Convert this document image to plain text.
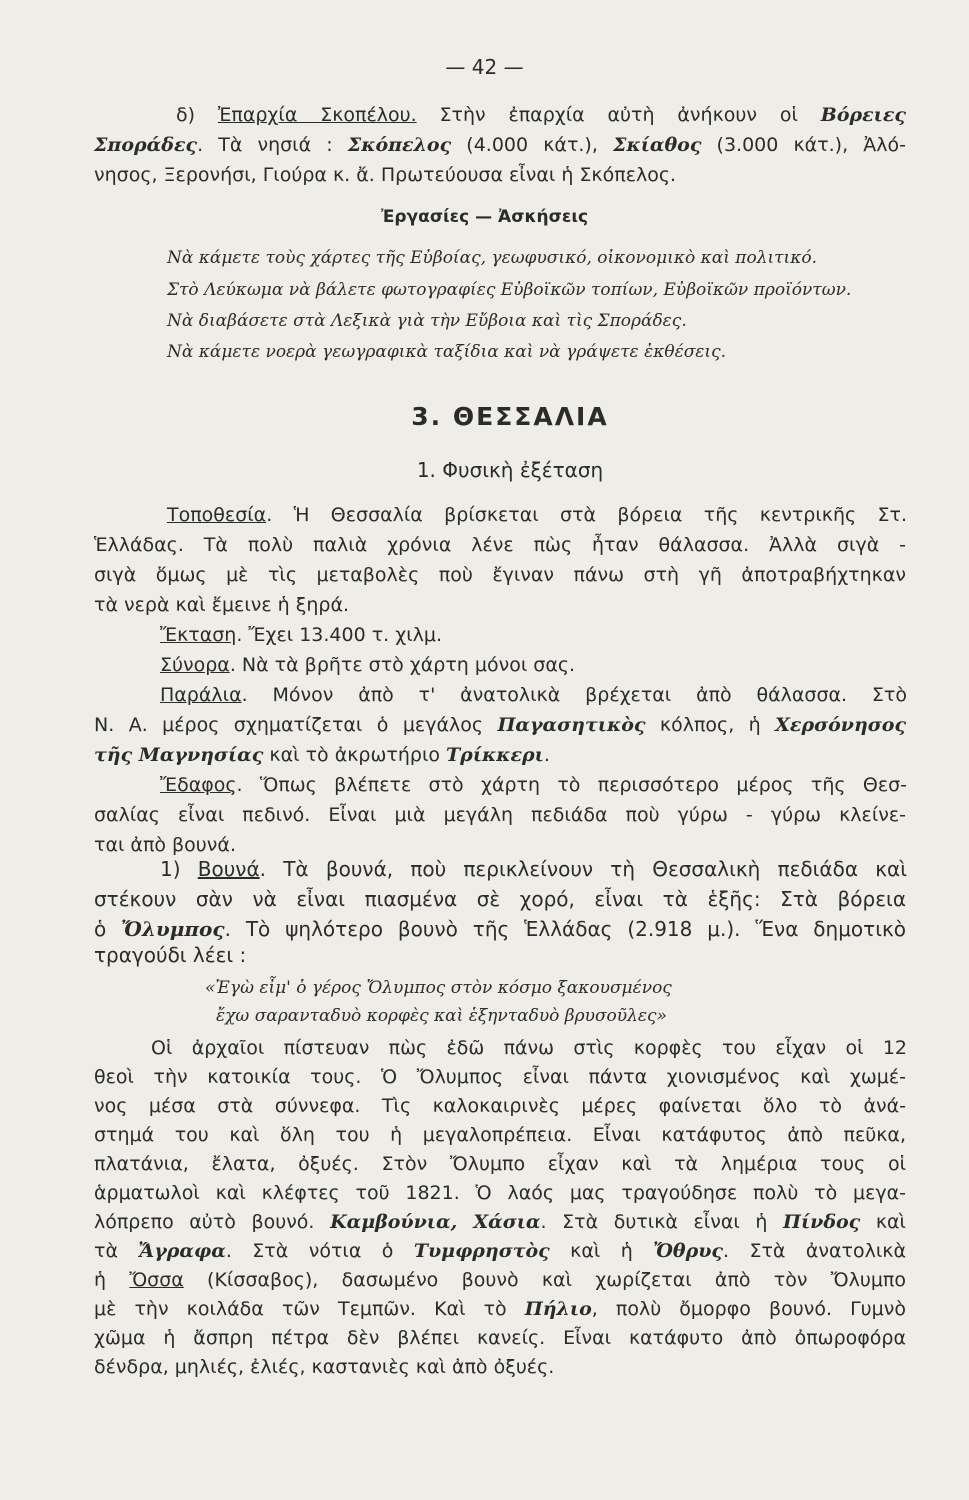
— 42 —
δ) Ἐπαρχία Σκοπέλου. Στὴν ἐπαρχία αὐτὴ ἀνήκουν οἱ Βόρειες
Σποράδες. Τὰ νησιά : Σκόπελος (4.000 κάτ.), Σκίαθος (3.000 κάτ.), Ἀλό-
νησος, Ξερονήσι, Γιούρα κ. ἄ. Πρωτεύουσα εἶναι ἡ Σκόπελος.
Ἐργασίες — Ἀσκήσεις
Νὰ κάμετε τοὺς χάρτες τῆς Εὐβοίας, γεωφυσικό, οἰκονομικὸ καὶ πολιτικό.
Στὸ Λεύκωμα νὰ βάλετε φωτογραφίες Εὐβοϊκῶν τοπίων, Εὐβοϊκῶν προϊόντων.
Νὰ διαβάσετε στὰ Λεξικὰ γιὰ τὴν Εὔβοια καὶ τὶς Σποράδες.
Νὰ κάμετε νοερὰ γεωγραφικὰ ταξίδια καὶ νὰ γράψετε ἐκθέσεις.
3. ΘΕΣΣΑΛΙΑ
1. Φυσικὴ ἐξέταση
Τοποθεσία. Ἡ Θεσσαλία βρίσκεται στὰ βόρεια τῆς κεντρικῆς Στ.
Ἑλλάδας. Τὰ πολὺ παλιὰ χρόνια λένε πὼς ἦταν θάλασσα. Ἀλλὰ σιγὰ -
σιγὰ ὅμως μὲ τὶς μεταβολὲς ποὺ ἔγιναν πάνω στὴ γῆ ἀποτραβήχτηκαν
τὰ νερὰ καὶ ἔμεινε ἡ ξηρά.
Ἔκταση. Ἔχει 13.400 τ. χιλμ.
Σύνορα. Νὰ τὰ βρῆτε στὸ χάρτη μόνοι σας.
Παράλια. Μόνον ἀπὸ τ' ἀνατολικὰ βρέχεται ἀπὸ θάλασσα. Στὸ
Ν. Α. μέρος σχηματίζεται ὁ μεγάλος Παγασητικὸς κόλπος, ἡ Χερσόνησος
τῆς Μαγνησίας καὶ τὸ ἀκρωτήριο Τρίκκερι.
Ἔδαφος. Ὅπως βλέπετε στὸ χάρτη τὸ περισσότερο μέρος τῆς Θεσ-
σαλίας εἶναι πεδινό. Εἶναι μιὰ μεγάλη πεδιάδα ποὺ γύρω - γύρω κλείνε-
ται ἀπὸ βουνά.
1) Βουνά. Τὰ βουνά, ποὺ περικλείνουν τὴ Θεσσαλικὴ πεδιάδα καὶ
στέκουν σὰν νὰ εἶναι πιασμένα σὲ χορό, εἶναι τὰ ἑξῆς: Στὰ βόρεια
ὁ Ὄλυμπος. Τὸ ψηλότερο βουνὸ τῆς Ἑλλάδας (2.918 μ.). Ἕνα δημοτικὸ
τραγούδι λέει :
«Ἐγὼ εἶμ' ὁ γέρος Ὄλυμπος στὸν κόσμο ξακουσμένος
ἔχω σαρανταδυὸ κορφὲς καὶ ἑξηνταδυὸ βρυσοῦλες»
Οἱ ἀρχαῖοι πίστευαν πὼς ἐδῶ πάνω στὶς κορφὲς του εἶχαν οἱ 12
θεοὶ τὴν κατοικία τους. Ὁ Ὄλυμπος εἶναι πάντα χιονισμένος καὶ χωμέ-
νος μέσα στὰ σύννεφα. Τὶς καλοκαιρινὲς μέρες φαίνεται ὅλο τὸ ἀνά-
στημά του καὶ ὅλη του ἡ μεγαλοπρέπεια. Εἶναι κατάφυτος ἀπὸ πεῦκα,
πλατάνια, ἔλατα, ὀξυές. Στὸν Ὄλυμπο εἶχαν καὶ τὰ λημέρια τους οἱ
ἁρματωλοὶ καὶ κλέφτες τοῦ 1821. Ὁ λαός μας τραγούδησε πολὺ τὸ μεγα-
λόπρεπο αὐτὸ βουνό. Καμβούνια, Χάσια. Στὰ δυτικὰ εἶναι ἡ Πίνδος καὶ
τὰ Ἄγραφα. Στὰ νότια ὁ Τυμφρηστὸς καὶ ἡ Ὄθρυς. Στὰ ἀνατολικὰ
ἡ Ὄσσα (Κίσσαβος), δασωμένο βουνὸ καὶ χωρίζεται ἀπὸ τὸν Ὄλυμπο
μὲ τὴν κοιλάδα τῶν Τεμπῶν. Καὶ τὸ Πήλιο, πολὺ ὄμορφο βουνό. Γυμνὸ
χῶμα ἡ ἄσπρη πέτρα δὲν βλέπει κανείς. Εἶναι κατάφυτο ἀπὸ ὀπωροφόρα
δένδρα, μηλιές, ἐλιές, καστανιὲς καὶ ἀπὸ ὀξυές.
